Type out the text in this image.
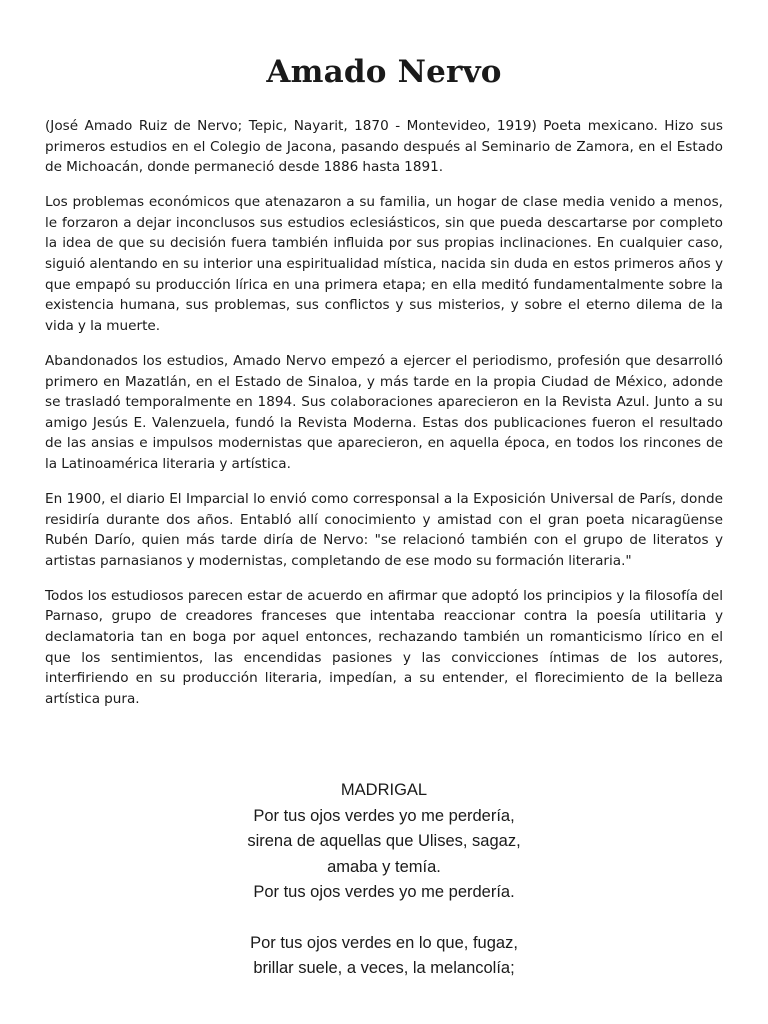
Amado Nervo

(José Amado Ruiz de Nervo; Tepic, Nayarit, 1870 - Montevideo, 1919) Poeta mexicano. Hizo sus primeros estudios en el Colegio de Jacona, pasando después al Seminario de Zamora, en el Estado de Michoacán, donde permaneció desde 1886 hasta 1891.

Los problemas económicos que atenazaron a su familia, un hogar de clase media venido a menos, le forzaron a dejar inconclusos sus estudios eclesiásticos, sin que pueda descartarse por completo la idea de que su decisión fuera también influida por sus propias inclinaciones. En cualquier caso, siguió alentando en su interior una espiritualidad mística, nacida sin duda en estos primeros años y que empapó su producción lírica en una primera etapa; en ella meditó fundamentalmente sobre la existencia humana, sus problemas, sus conflictos y sus misterios, y sobre el eterno dilema de la vida y la muerte.

Abandonados los estudios, Amado Nervo empezó a ejercer el periodismo, profesión que desarrolló primero en Mazatlán, en el Estado de Sinaloa, y más tarde en la propia Ciudad de México, adonde se trasladó temporalmente en 1894. Sus colaboraciones aparecieron en la Revista Azul. Junto a su amigo Jesús E. Valenzuela, fundó la Revista Moderna. Estas dos publicaciones fueron el resultado de las ansias e impulsos modernistas que aparecieron, en aquella época, en todos los rincones de la Latinoamérica literaria y artística.

En 1900, el diario El Imparcial lo envió como corresponsal a la Exposición Universal de París, donde residiría durante dos años. Entabló allí conocimiento y amistad con el gran poeta nicaragüense Rubén Darío, quien más tarde diría de Nervo: "se relacionó también con el grupo de literatos y artistas parnasianos y modernistas, completando de ese modo su formación literaria."

Todos los estudiosos parecen estar de acuerdo en afirmar que adoptó los principios y la filosofía del Parnaso, grupo de creadores franceses que intentaba reaccionar contra la poesía utilitaria y declamatoria tan en boga por aquel entonces, rechazando también un romanticismo lírico en el que los sentimientos, las encendidas pasiones y las convicciones íntimas de los autores, interfiriendo en su producción literaria, impedían, a su entender, el florecimiento de la belleza artística pura.

MADRIGAL
Por tus ojos verdes yo me perdería,
sirena de aquellas que Ulises, sagaz,
amaba y temía.
Por tus ojos verdes yo me perdería.
Por tus ojos verdes en lo que, fugaz,
brillar suele, a veces, la melancolía;
